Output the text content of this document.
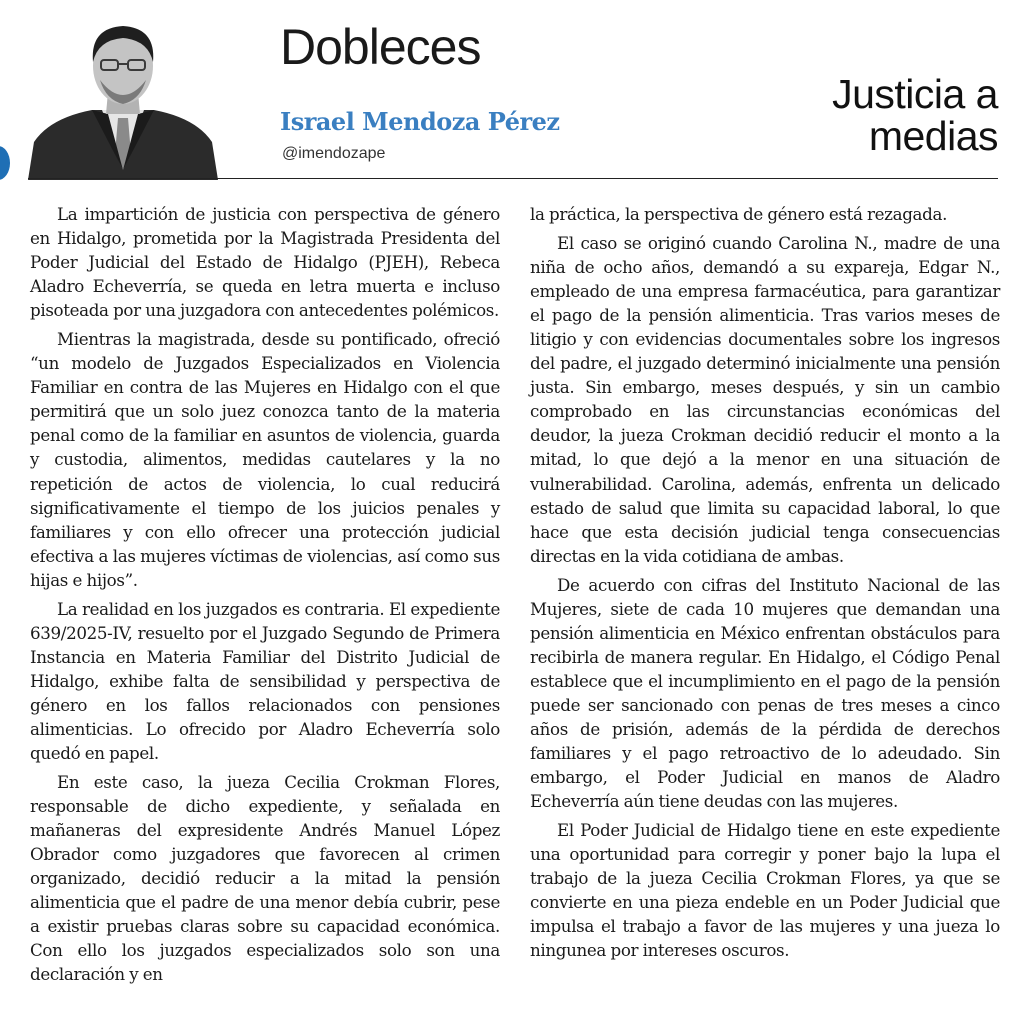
Dobleces
Israel Mendoza Pérez
@imendozape
Justicia a
medias

La impartición de justicia con perspectiva de género en Hidalgo, prometida por la Magistrada Presidenta del Poder Judicial del Estado de Hidalgo (PJEH), Rebeca Aladro Echeverría, se queda en letra muerta e incluso pisoteada por una juzgadora con antecedentes polémicos.

Mientras la magistrada, desde su pontificado, ofreció “un modelo de Juzgados Especializados en Violencia Familiar en contra de las Mujeres en Hidalgo con el que permitirá que un solo juez conozca tanto de la materia penal como de la familiar en asuntos de violencia, guarda y custodia, alimentos, medidas cautelares y la no repetición de actos de violencia, lo cual reducirá significativamente el tiempo de los juicios penales y familiares y con ello ofrecer una protección judicial efectiva a las mujeres víctimas de violencias, así como sus hijas e hijos”.

La realidad en los juzgados es contraria. El expediente 639/2025-IV, resuelto por el Juzgado Segundo de Primera Instancia en Materia Familiar del Distrito Judicial de Hidalgo, exhibe falta de sensibilidad y perspectiva de género en los fallos relacionados con pensiones alimenticias. Lo ofrecido por Aladro Echeverría solo quedó en papel.

En este caso, la jueza Cecilia Crokman Flores, responsable de dicho expediente, y señalada en mañaneras del expresidente Andrés Manuel López Obrador como juzgadores que favorecen al crimen organizado, decidió reducir a la mitad la pensión alimenticia que el padre de una menor debía cubrir, pese a existir pruebas claras sobre su capacidad económica. Con ello los juzgados especializados solo son una declaración y en

la práctica, la perspectiva de género está rezagada.

El caso se originó cuando Carolina N., madre de una niña de ocho años, demandó a su expareja, Edgar N., empleado de una empresa farmacéutica, para garantizar el pago de la pensión alimenticia. Tras varios meses de litigio y con evidencias documentales sobre los ingresos del padre, el juzgado determinó inicialmente una pensión justa. Sin embargo, meses después, y sin un cambio comprobado en las circunstancias económicas del deudor, la jueza Crokman decidió reducir el monto a la mitad, lo que dejó a la menor en una situación de vulnerabilidad. Carolina, además, enfrenta un delicado estado de salud que limita su capacidad laboral, lo que hace que esta decisión judicial tenga consecuencias directas en la vida cotidiana de ambas.

De acuerdo con cifras del Instituto Nacional de las Mujeres, siete de cada 10 mujeres que demandan una pensión alimenticia en México enfrentan obstáculos para recibirla de manera regular. En Hidalgo, el Código Penal establece que el incumplimiento en el pago de la pensión puede ser sancionado con penas de tres meses a cinco años de prisión, además de la pérdida de derechos familiares y el pago retroactivo de lo adeudado. Sin embargo, el Poder Judicial en manos de Aladro Echeverría aún tiene deudas con las mujeres.

El Poder Judicial de Hidalgo tiene en este expediente una oportunidad para corregir y poner bajo la lupa el trabajo de la jueza Cecilia Crokman Flores, ya que se convierte en una pieza endeble en un Poder Judicial que impulsa el trabajo a favor de las mujeres y una jueza lo ningunea por intereses oscuros.
